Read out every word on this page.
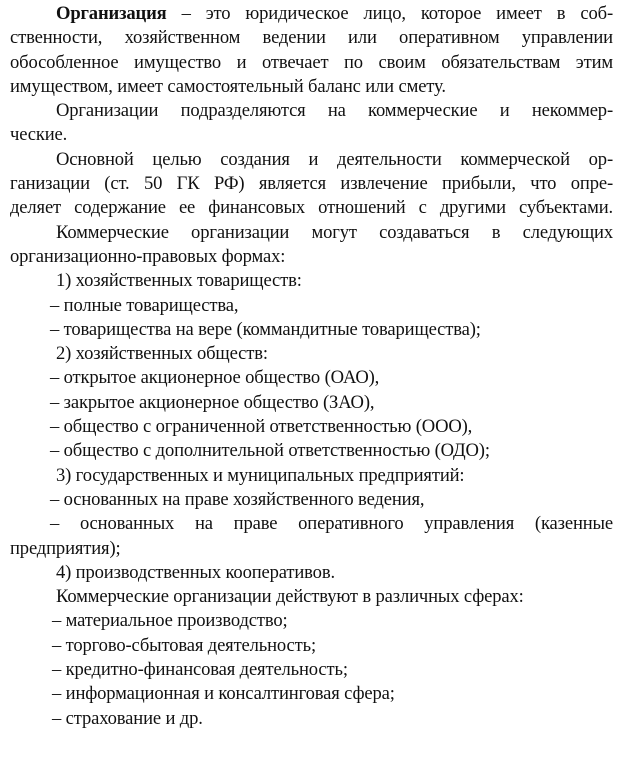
Организация – это юридическое лицо, которое имеет в соб-
ственности, хозяйственном ведении или оперативном управлении
обособленное имущество и отвечает по своим обязательствам этим
имуществом, имеет самостоятельный баланс или смету.
Организации подразделяются на коммерческие и некоммер-
ческие.
Основной целью создания и деятельности коммерческой ор-
ганизации (ст. 50 ГК РФ) является извлечение прибыли, что опре-
деляет содержание ее финансовых отношений с другими субъектами.
Коммерческие организации могут создаваться в следующих
организационно-правовых формах:
1) хозяйственных товариществ:
– полные товарищества,
– товарищества на вере (коммандитные товарищества);
2) хозяйственных обществ:
– открытое акционерное общество (ОАО),
– закрытое акционерное общество (ЗАО),
– общество с ограниченной ответственностью (ООО),
– общество с дополнительной ответственностью (ОДО);
3) государственных и муниципальных предприятий:
– основанных на праве хозяйственного ведения,
– основанных на праве оперативного управления (казенные
предприятия);
4) производственных кооперативов.
Коммерческие организации действуют в различных сферах:
– материальное производство;
– торгово-сбытовая деятельность;
– кредитно-финансовая деятельность;
– информационная и консалтинговая сфера;
– страхование и др.
